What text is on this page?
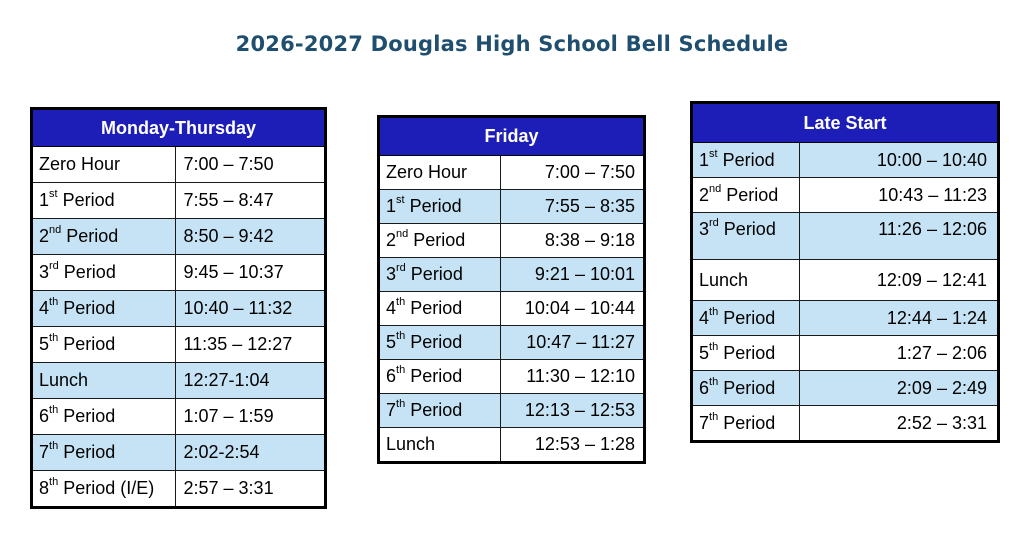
2026-2027 Douglas High School Bell Schedule
Monday-Thursday	
Zero Hour	7:00 – 7:50
1st Period	7:55 – 8:47
2nd Period	8:50 – 9:42
3rd Period	9:45 – 10:37
4th Period	10:40 – 11:32
5th Period	11:35 – 12:27
Lunch	12:27-1:04
6th Period	1:07 – 1:59
7th Period	2:02-2:54
8th Period (I/E)	2:57 – 3:31
Friday	
Zero Hour	7:00 – 7:50
1st Period	7:55 – 8:35
2nd Period	8:38 – 9:18
3rd Period	9:21 – 10:01
4th Period	10:04 – 10:44
5th Period	10:47 – 11:27
6th Period	11:30 – 12:10
7th Period	12:13 – 12:53
Lunch	12:53 – 1:28
Late Start	
1st Period	10:00 – 10:40
2nd Period	10:43 – 11:23
3rd Period	11:26 – 12:06
Lunch	12:09 – 12:41
4th Period	12:44 – 1:24
5th Period	1:27 – 2:06
6th Period	2:09 – 2:49
7th Period	2:52 – 3:31
